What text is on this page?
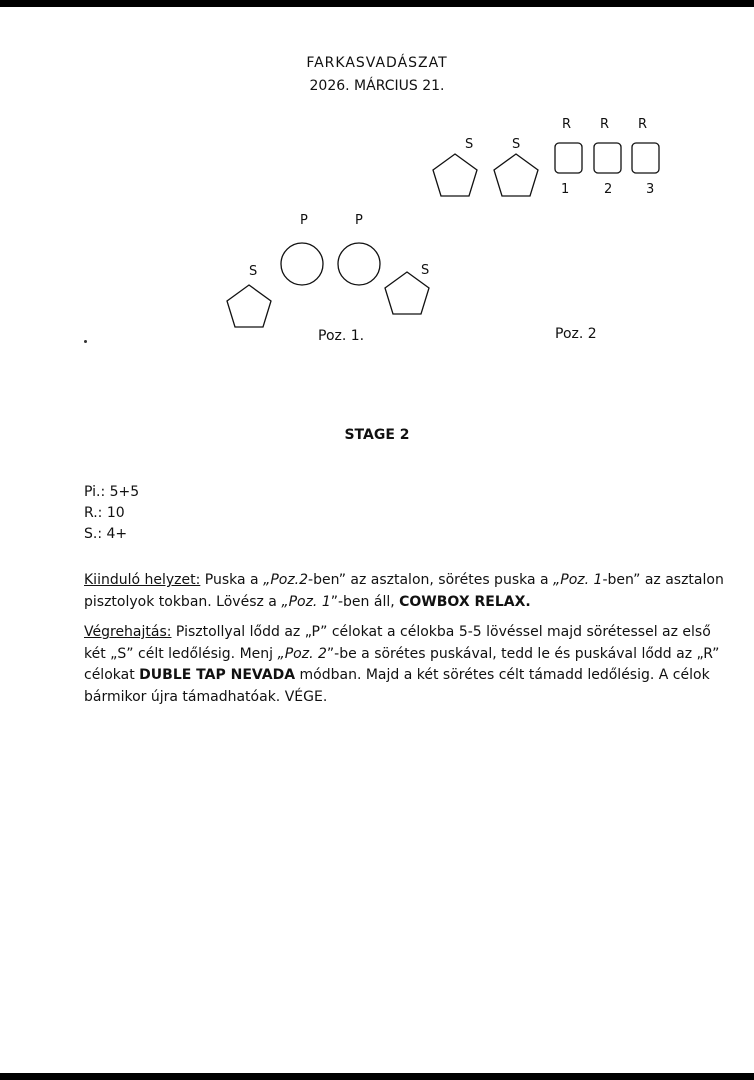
FARKASVADÁSZAT
2026. MÁRCIUS 21.
S	S
R R R
1	2	3
P	P
S	S
Poz. 1.	Poz. 2
STAGE 2
Pi.: 5+5
R.: 10
S.: 4+
Kiinduló helyzet: Puska a „Poz.2-ben” az asztalon, sörétes puska a „Poz. 1-ben” az asztalon pisztolyok tokban. Lövész a „Poz. 1”-ben áll, COWBOX RELAX.
Végrehajtás: Pisztollyal lődd az „P” célokat a célokba 5-5 lövéssel majd sörétessel az első két „S” célt ledőlésig. Menj „Poz. 2”-be a sörétes puskával, tedd le és puskával lődd az „R” célokat DUBLE TAP NEVADA módban. Majd a két sörétes célt támadd ledőlésig. A célok bármikor újra támadhatóak. VÉGE.
